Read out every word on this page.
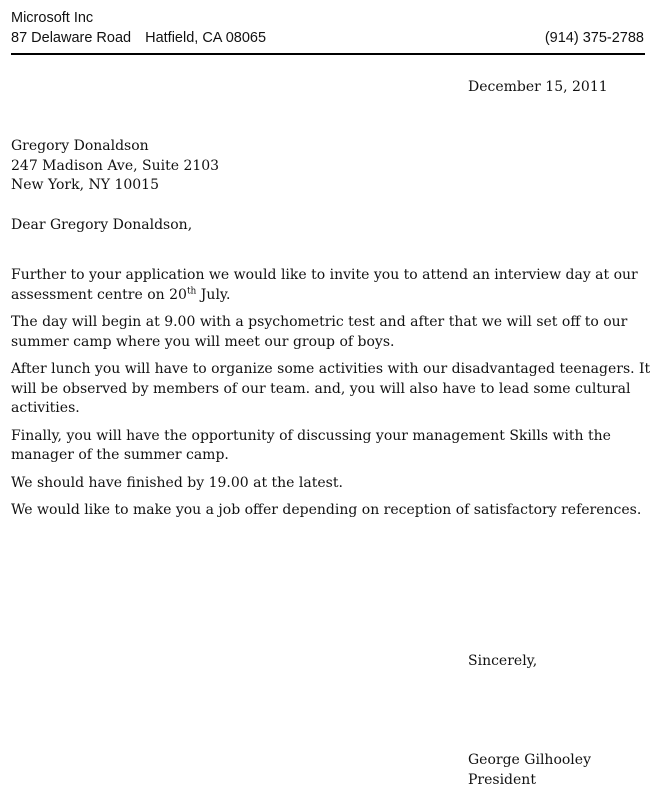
Microsoft Inc
87 Delaware Road Hatfield, CA 08065	(914) 375-2788
December 15, 2011
Gregory Donaldson
247 Madison Ave, Suite 2103
New York, NY 10015
Dear Gregory Donaldson,

Further to your application we would like to invite you to attend an interview day at our assessment centre on 20th July.

The day will begin at 9.00 with a psychometric test and after that we will set off to our summer camp where you will meet our group of boys.

After lunch you will have to organize some activities with our disadvantaged teenagers. It will be observed by members of our team. and, you will also have to lead some cultural activities.

Finally, you will have the opportunity of discussing your management Skills with the manager of the summer camp.

We should have finished by 19.00 at the latest.

We would like to make you a job offer depending on reception of satisfactory references.

Sincerely,
George Gilhooley
President
